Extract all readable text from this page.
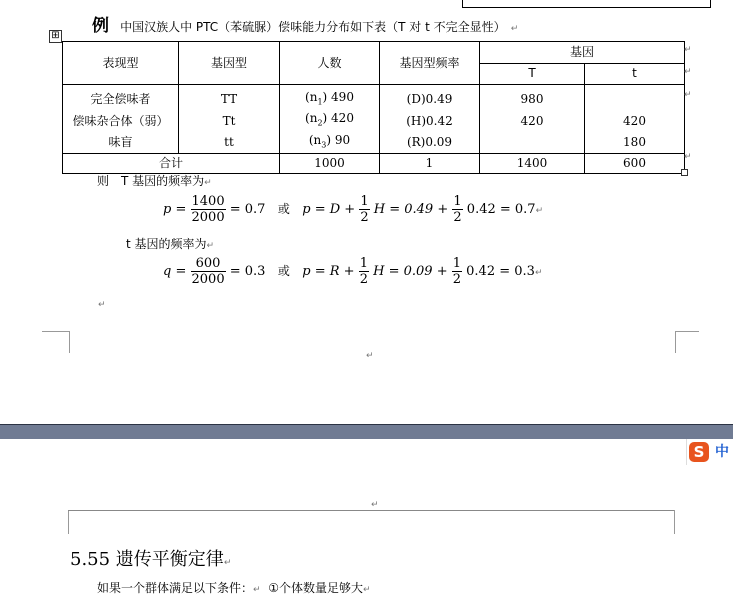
例 中国汉族人中 PTC（苯硫脲）偿味能力分布如下表（T 对 t 不完全显性） ↵
⊞
表现型	基因型	人数	基因型频率	基因	
				T	t
完全偿味者	TT	$(n_1)$ 490	(D)0.49	980	
偿味杂合体（弱）	Tt	$(n_2)$ 420	(H)0.42	420	420
味盲	tt	$(n_3)$ 90	(R)0.09		180
合计		1000	1	1400	600
↵
↵
↵
↵
则　T 基因的频率为↵
$p = \frac{1400}{2000} = 0.7$ 或 $p = D + \frac{1}{2}$ $H = 0.49 + \frac{1}{2} 0.42$ = 0.7↵
t 基因的频率为↵
$q = \frac{600}{2000} = 0.3$ 或 $p = R + \frac{1}{2}$ $H = 0.09 + \frac{1}{2} 0.42$ = 0.3↵
↵
↵
S 中
↵
5.55 遗传平衡定律↵
如果一个群体满足以下条件：↵ ①个体数量足够大↵
